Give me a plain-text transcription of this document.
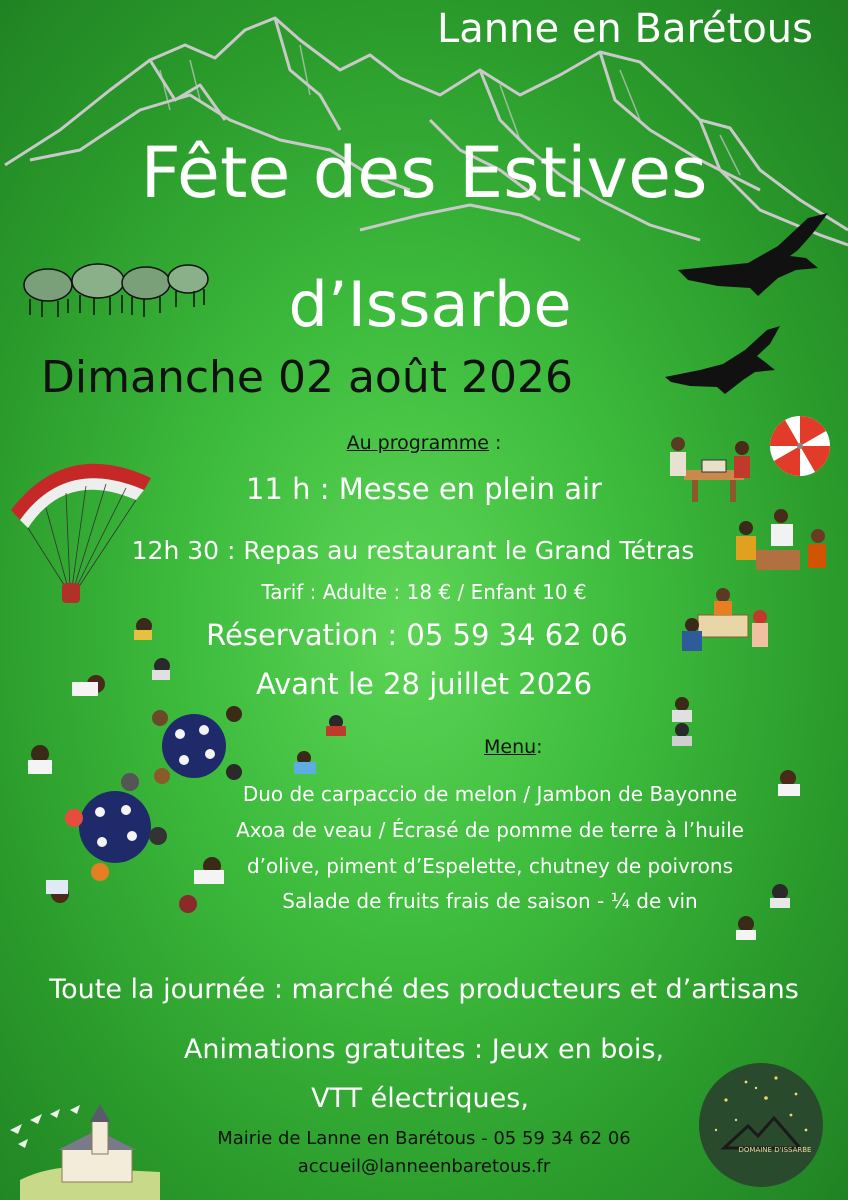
Lanne en Barétous
Fête des Estives
d’Issarbe
Dimanche 02 août 2026
Au programme :
11 h : Messe en plein air
12h 30 : Repas au restaurant le Grand Tétras
Tarif : Adulte : 18 € / Enfant 10 €
Réservation : 05 59 34 62 06
Avant le 28 juillet 2026
Menu:
Duo de carpaccio de melon / Jambon de Bayonne
Axoa de veau / Écrasé de pomme de terre à l’huile
d’olive, piment d’Espelette, chutney de poivrons
Salade de fruits frais de saison - ¼ de vin
Toute la journée : marché des producteurs et d’artisans
Animations gratuites : Jeux en bois,
VTT électriques,
Mairie de Lanne en Barétous - 05 59 34 62 06
accueil@lanneenbaretous.fr
DOMAINE D'ISSARBE
